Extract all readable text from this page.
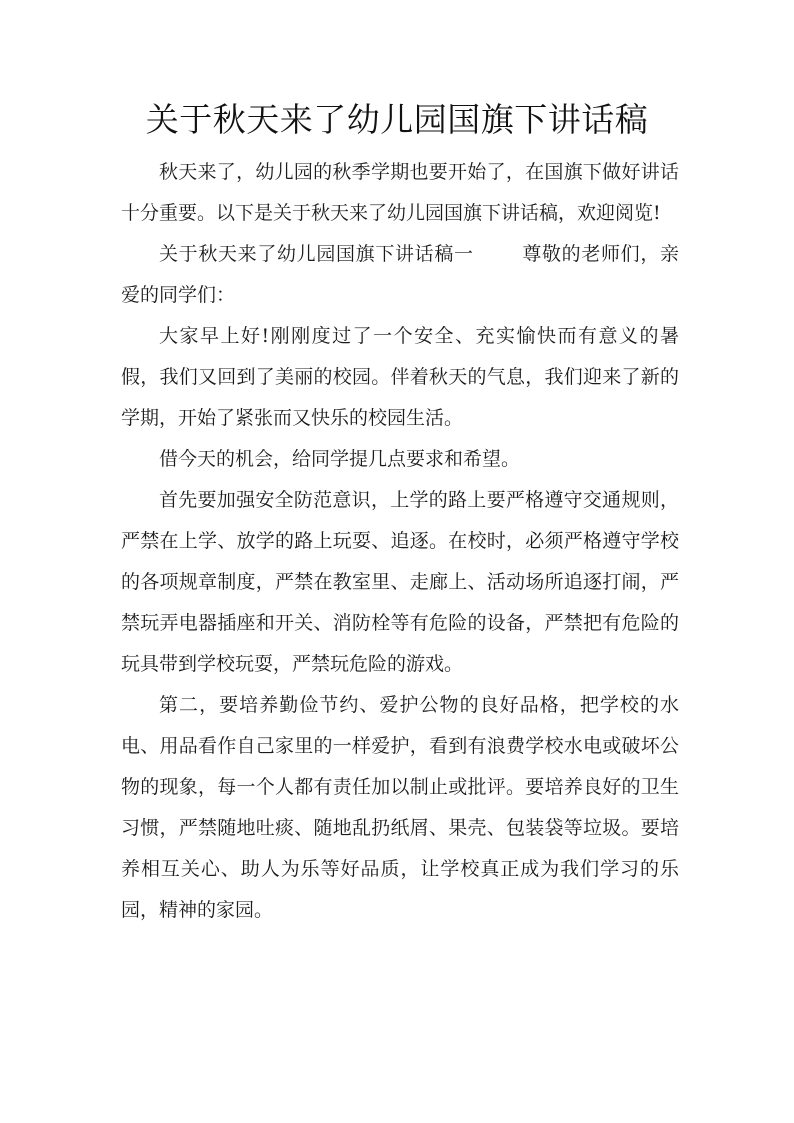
关于秋天来了幼儿园国旗下讲话稿

秋天来了，幼儿园的秋季学期也要开始了，在国旗下做好讲话十分重要。以下是关于秋天来了幼儿园国旗下讲话稿，欢迎阅览!

关于秋天来了幼儿园国旗下讲话稿一	尊敬的老师们，亲爱的同学们：

大家早上好!刚刚度过了一个安全、充实愉快而有意义的暑假，我们又回到了美丽的校园。伴着秋天的气息，我们迎来了新的学期，开始了紧张而又快乐的校园生活。

借今天的机会，给同学提几点要求和希望。

首先要加强安全防范意识，上学的路上要严格遵守交通规则，严禁在上学、放学的路上玩耍、追逐。在校时，必须严格遵守学校的各项规章制度，严禁在教室里、走廊上、活动场所追逐打闹，严禁玩弄电器插座和开关、消防栓等有危险的设备，严禁把有危险的玩具带到学校玩耍，严禁玩危险的游戏。

第二，要培养勤俭节约、爱护公物的良好品格，把学校的水电、用品看作自己家里的一样爱护，看到有浪费学校水电或破坏公物的现象，每一个人都有责任加以制止或批评。要培养良好的卫生习惯，严禁随地吐痰、随地乱扔纸屑、果壳、包装袋等垃圾。要培养相互关心、助人为乐等好品质，让学校真正成为我们学习的乐园，精神的家园。
